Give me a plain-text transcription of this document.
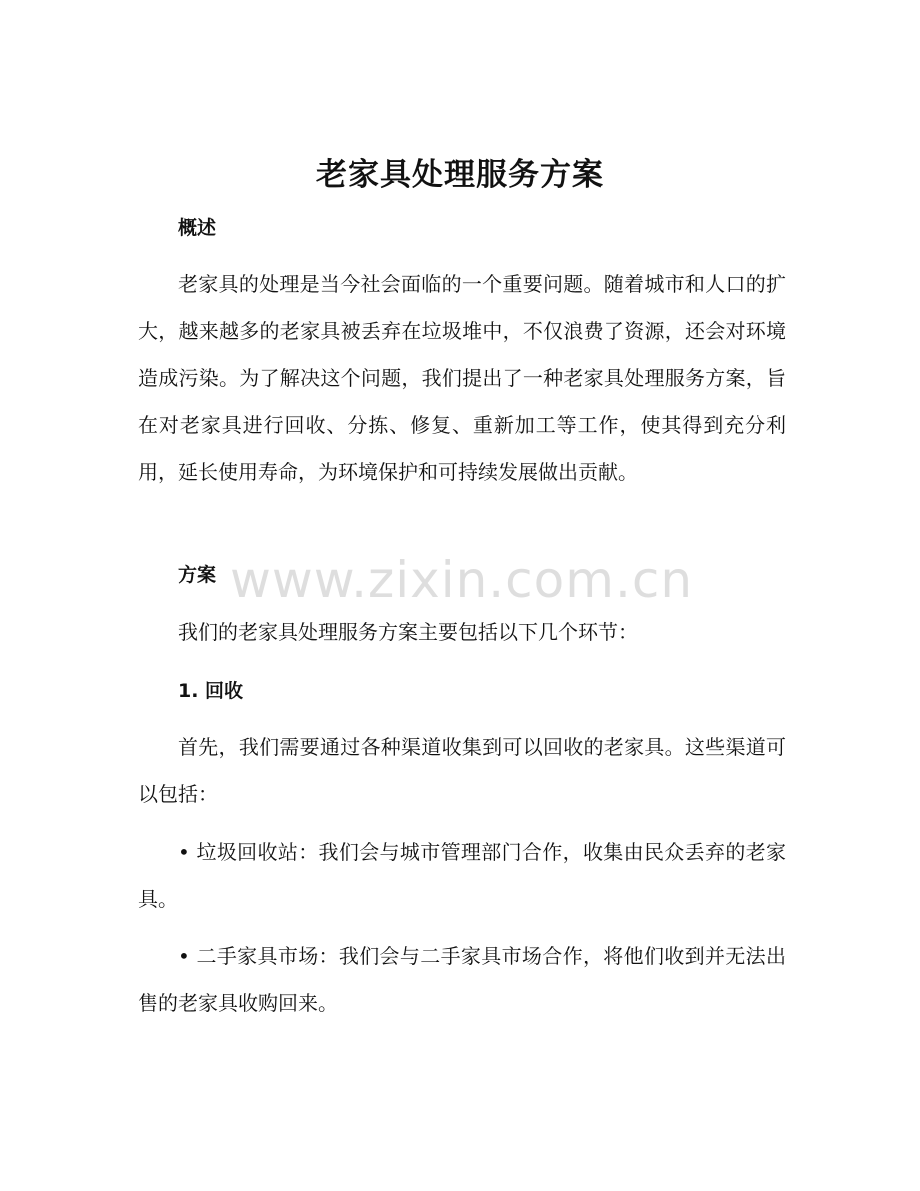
老家具处理服务方案
概述

老家具的处理是当今社会面临的一个重要问题。随着城市和人口的扩大，越来越多的老家具被丢弃在垃圾堆中，不仅浪费了资源，还会对环境造成污染。为了解决这个问题，我们提出了一种老家具处理服务方案，旨在对老家具进行回收、分拣、修复、重新加工等工作，使其得到充分利用，延长使用寿命，为环境保护和可持续发展做出贡献。

方案

我们的老家具处理服务方案主要包括以下几个环节：

1. 回收

首先，我们需要通过各种渠道收集到可以回收的老家具。这些渠道可以包括：

• 垃圾回收站：我们会与城市管理部门合作，收集由民众丢弃的老家具。

• 二手家具市场：我们会与二手家具市场合作，将他们收到并无法出售的老家具收购回来。

www.zixin.com.cn
